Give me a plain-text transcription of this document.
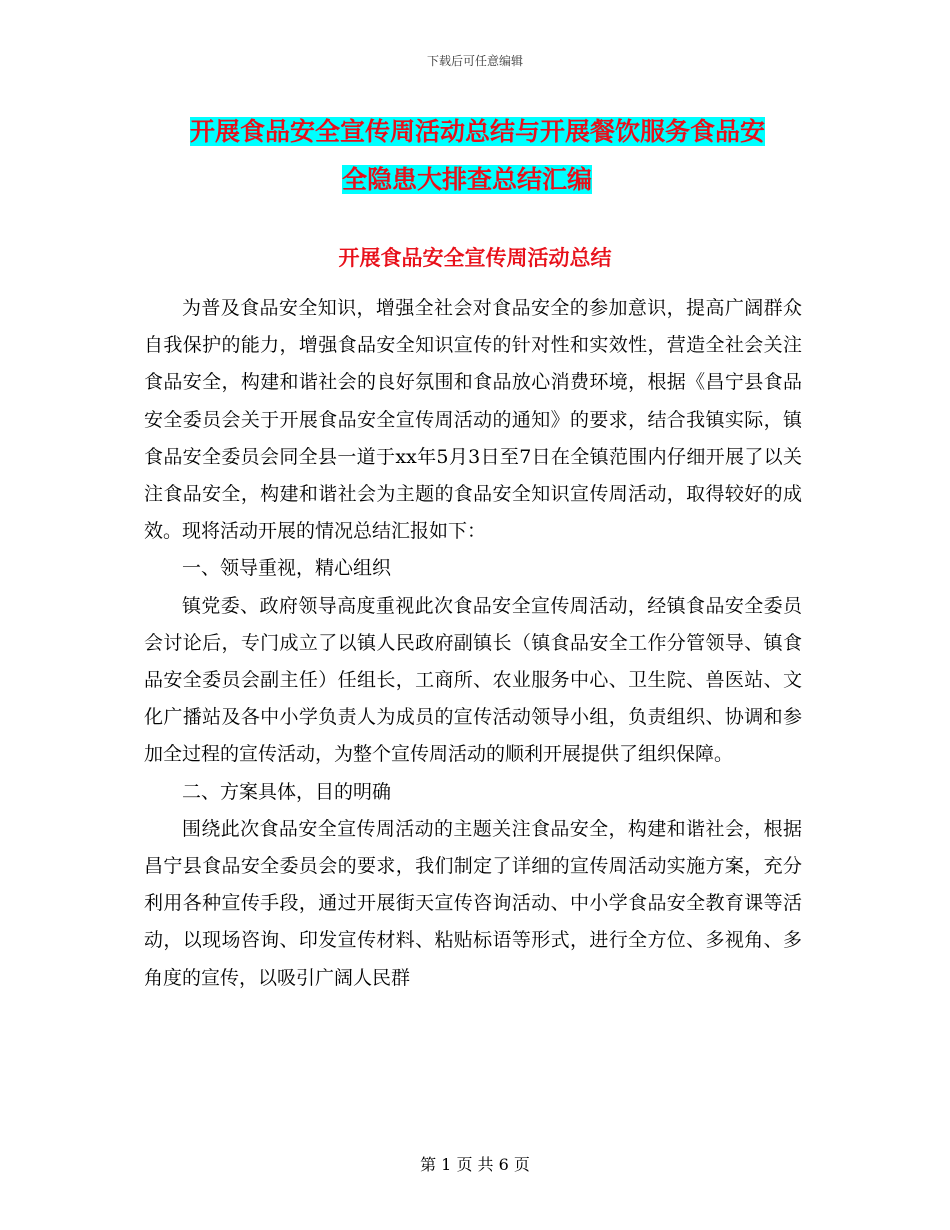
下载后可任意编辑
开展食品安全宣传周活动总结与开展餐饮服务食品安
全隐患大排查总结汇编
开展食品安全宣传周活动总结

为普及食品安全知识，增强全社会对食品安全的参加意识，提高广阔群众自我保护的能力，增强食品安全知识宣传的针对性和实效性，营造全社会关注食品安全，构建和谐社会的良好氛围和食品放心消费环境，根据《昌宁县食品安全委员会关于开展食品安全宣传周活动的通知》的要求，结合我镇实际，镇食品安全委员会同全县一道于xx年5月3日至7日在全镇范围内仔细开展了以关注食品安全，构建和谐社会为主题的食品安全知识宣传周活动，取得较好的成效。现将活动开展的情况总结汇报如下：

一、领导重视，精心组织

镇党委、政府领导高度重视此次食品安全宣传周活动，经镇食品安全委员会讨论后，专门成立了以镇人民政府副镇长（镇食品安全工作分管领导、镇食品安全委员会副主任）任组长，工商所、农业服务中心、卫生院、兽医站、文化广播站及各中小学负责人为成员的宣传活动领导小组，负责组织、协调和参加全过程的宣传活动，为整个宣传周活动的顺利开展提供了组织保障。

二、方案具体，目的明确

围绕此次食品安全宣传周活动的主题关注食品安全，构建和谐社会，根据昌宁县食品安全委员会的要求，我们制定了详细的宣传周活动实施方案，充分利用各种宣传手段，通过开展街天宣传咨询活动、中小学食品安全教育课等活动，以现场咨询、印发宣传材料、粘贴标语等形式，进行全方位、多视角、多角度的宣传，以吸引广阔人民群

第 1 页 共 6 页
